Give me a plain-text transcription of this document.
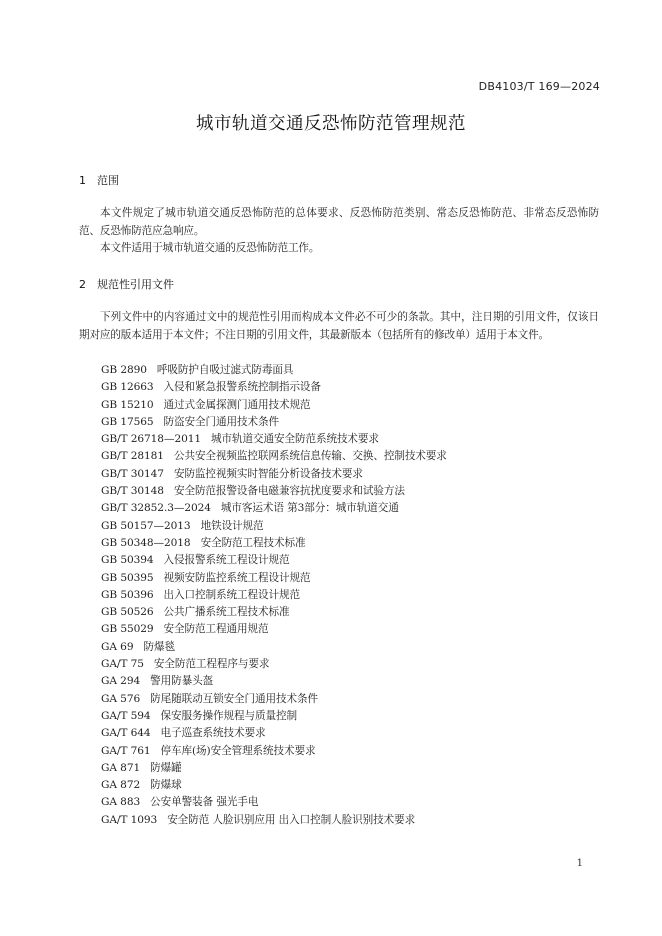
DB4103/T 169—2024
城市轨道交通反恐怖防范管理规范
1 范围

本文件规定了城市轨道交通反恐怖防范的总体要求、反恐怖防范类别、常态反恐怖防范、非常态反恐怖防范、反恐怖防范应急响应。

本文件适用于城市轨道交通的反恐怖防范工作。

2 规范性引用文件

下列文件中的内容通过文中的规范性引用而构成本文件必不可少的条款。其中，注日期的引用文件，仅该日期对应的版本适用于本文件；不注日期的引用文件，其最新版本（包括所有的修改单）适用于本文件。

GB 2890 呼吸防护自吸过滤式防毒面具
GB 12663 入侵和紧急报警系统控制指示设备
GB 15210 通过式金属探测门通用技术规范
GB 17565 防盗安全门通用技术条件
GB/T 26718—2011 城市轨道交通安全防范系统技术要求
GB/T 28181 公共安全视频监控联网系统信息传输、交换、控制技术要求
GB/T 30147 安防监控视频实时智能分析设备技术要求
GB/T 30148 安全防范报警设备电磁兼容抗扰度要求和试验方法
GB/T 32852.3—2024 城市客运术语 第3部分：城市轨道交通
GB 50157—2013 地铁设计规范
GB 50348—2018 安全防范工程技术标准
GB 50394 入侵报警系统工程设计规范
GB 50395 视频安防监控系统工程设计规范
GB 50396 出入口控制系统工程设计规范
GB 50526 公共广播系统工程技术标准
GB 55029 安全防范工程通用规范
GA 69 防爆毯
GA/T 75 安全防范工程程序与要求
GA 294 警用防暴头盔
GA 576 防尾随联动互锁安全门通用技术条件
GA/T 594 保安服务操作规程与质量控制
GA/T 644 电子巡查系统技术要求
GA/T 761 停车库(场)安全管理系统技术要求
GA 871 防爆罐
GA 872 防爆球
GA 883 公安单警装备 强光手电
GA/T 1093 安全防范 人脸识别应用 出入口控制人脸识别技术要求
1
